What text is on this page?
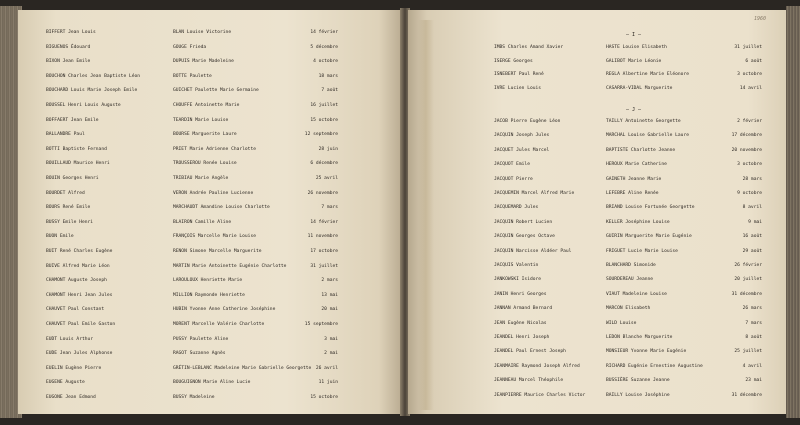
BIFFERT Jean Louis	BLAN Louise Victorine	14 février
BIGUENOS Édouard	GOUGE Frieda	5 décembre
BIXON Jean Emile	DUPUIS Marie Madeleine	4 octobre
BOUCHON Charles Jean Baptiste Léon	BOTTE Paulette	18 mars
BOUCHARD Louis Marie Joseph Emile	GUICHET Paulette Marie Germaine	7 août
BOUSSEL Henri Louis Auguste	CHOUFFE Antoinette Marie	16 juillet
BOFFAERT Jean Emile	TEARDIN Marie Louise	15 octobre
BALLANDRE Paul	BOURSE Marguerite Laure	12 septembre
BOTTI Baptiste Fernand	PRIET Marie Adrienne Charlotte	28 juin
BOUILLAUD Maurice Henri	TROUSSEROU Renée Louise	6 décembre
BOUIN Georges Henri	TRIBIAU Marie Angèle	25 avril
BOURDET Alfred	VERON Andrée Pauline Lucienne	26 novembre
BOURS René Emile	MARCHAUDT Amandine Louise Charlotte	7 mars
BUSSY Emile Henri	BLAIRON Camille Aline	14 février
BUON Emile	FRANÇOIS Marcelle Marie Louise	11 novembre
BUIT René Charles Eugène	RENON Simone Marcelle Marguerite	17 octobre
BUIVE Alfred Marie Léon	MARTIN Marie Antoinette Eugénie Charlotte	31 juillet
CHAMONT Auguste Joseph	LAROULOUX Henriette Marie	2 mars
CHAMONT Henri Jean Jules	MILLION Raymonde Henriette	13 mai
CHAUVET Paul Constant	HUBIN Yvonne Anne Catherine Joséphine	20 mai
CHAUVET Paul Emile Gaston	MORENT Marcelle Valérie Charlotte	15 septembre
EUDT Louis Arthur	PUSSY Paulette Aline	3 mai
EUDE Jean Jules Alphonse	RAGOT Suzanne Agnès	2 mai
EUELIN Eugène Pierre	GRÉTIN-LEBLANC Madeleine Marie Gabrielle Georgette 26 avril
EUGENE Auguste	BOUGUIGNON Marie Aline Lucie	11 juin
EUGONE Jean Edmond	BUSSY Madeleine	15 octobre
1960
— I —
IMBS Charles Amand Xavier	HASTE Louise Elisabeth	31 juillet
ISERGE Georges	GALIBOT Marie Léonie	6 août
ISNEBERT Paul René	REGLA Albertine Marie Eléonore	3 octobre
IVRE Lucien Louis	CASARRA-VIDAL Marguerite	14 avril
— J —
JACOB Pierre Eugène Léon	TAILLY Antoinette Georgette	2 février
JACQUIN Joseph Jules	MARCHAL Louise Gabrielle Laure	17 décembre
JACQUET Jules Marcel	BAPTISTE Charlotte Jeanne	20 novembre
JACQUOT Emile	HEROUX Marie Catherine	3 octobre
JACQUOT Pierre	GAINETH Jeanne Marie	28 mars
JACQUEMIN Marcel Alfred Marie	LEFEBRE Aline Renée	9 octobre
JACQUEMARD Jules	BRIAND Louise Fortunée Georgette	8 avril
JACQUIN Robert Lucien	KELLER Joséphine Louise	9 mai
JACQUIN Georges Octave	GUIRIN Marguerite Marie Eugénie	16 août
JACQUIN Narcisse Aldéer Paul	FRIGUET Lucie Marie Louise	29 août
JACQUIS Valentin	BLANCHARD Simonide	26 février
JANKOWSKI Isidore	SOURDEREAU Jeanne	20 juillet
JANIN Henri Georges	VIAUT Madeleine Louise	31 décembre
JANNAN Armand Bernard	MARCON Elisabeth	26 mars
JEAN Eugène Nicolas	WILD Louise	7 mars
JEANDEL Henri Joseph	LEDON Blanche Marguerite	8 août
JEANDEL Paul Ernest Joseph	MONSIEUR Yvonne Marie Eugénie	25 juillet
JEANMAIRE Raymond Joseph Alfred	RICHARD Eugénie Ernestine Augustine	4 avril
JEANNEAU Marcel Théophile	BUSSIÈRE Suzanne Jeanne	23 mai
JEANPIERRE Maurice Charles Victor	BAILLY Louise Joséphine	31 décembre
